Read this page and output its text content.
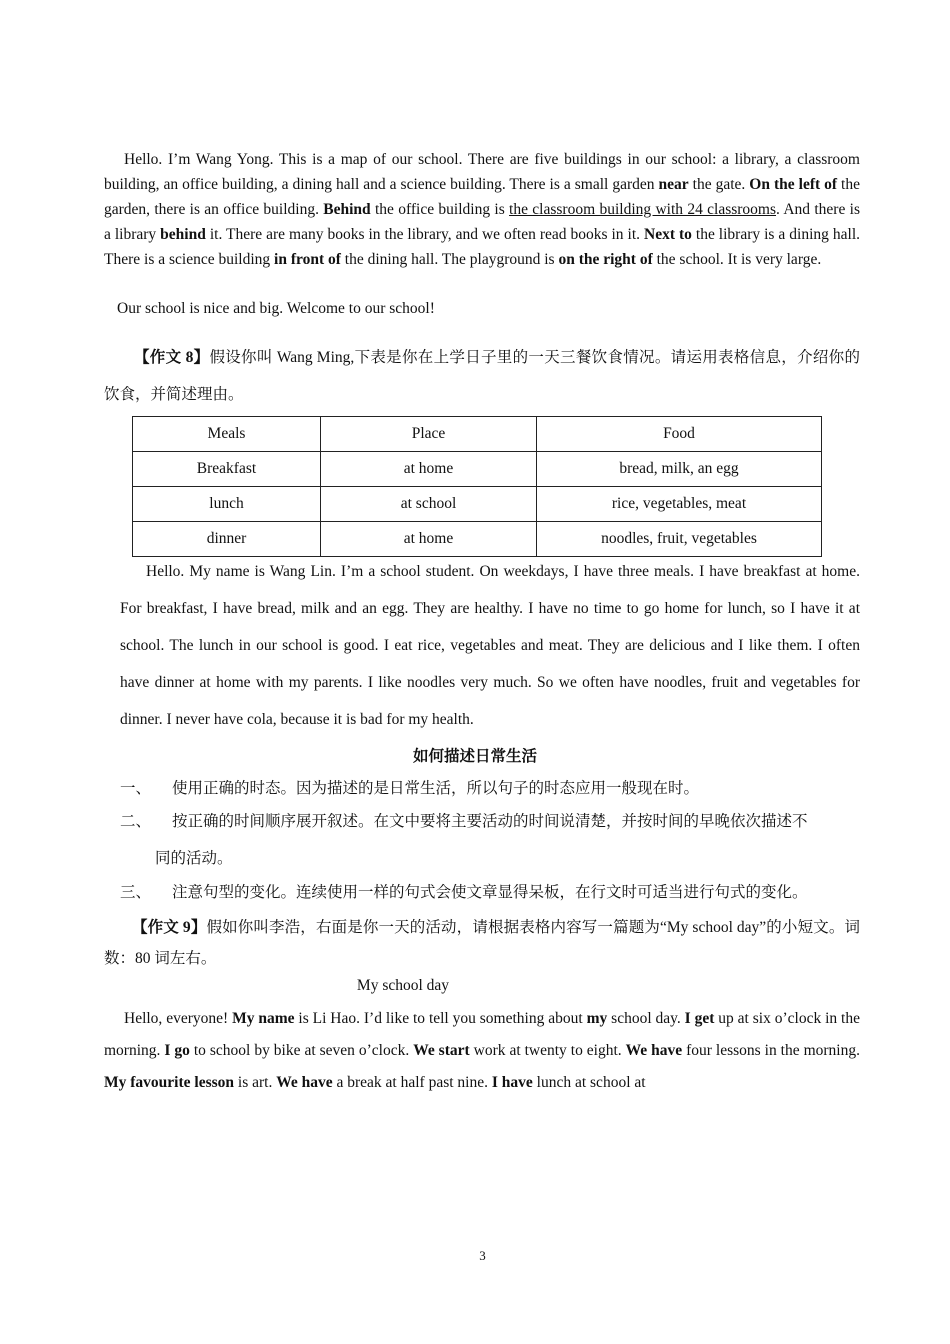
Hello. I’m Wang Yong. This is a map of our school. There are five buildings in our school: a library, a classroom building, an office building, a dining hall and a science building. There is a small garden near the gate. On the left of the garden, there is an office building. Behind the office building is the classroom building with 24 classrooms. And there is a library behind it. There are many books in the library, and we often read books in it. Next to the library is a dining hall. There is a science building in front of the dining hall. The playground is on the right of the school. It is very large.

Our school is nice and big. Welcome to our school!

【作文 8】假设你叫 Wang Ming,下表是你在上学日子里的一天三餐饮食情况。请运用表格信息，介绍你的饮食，并简述理由。

Meals	Place	Food
Breakfast	at home	bread, milk, an egg
lunch	at school	rice, vegetables, meat
dinner	at home	noodles, fruit, vegetables

Hello. My name is Wang Lin. I’m a school student. On weekdays, I have three meals. I have breakfast at home. For breakfast, I have bread, milk and an egg. They are healthy. I have no time to go home for lunch, so I have it at school. The lunch in our school is good. I eat rice, vegetables and meat. They are delicious and I like them. I often have dinner at home with my parents. I like noodles very much. So we often have noodles, fruit and vegetables for dinner. I never have cola, because it is bad for my health.

如何描述日常生活
一、 使用正确的时态。因为描述的是日常生活，所以句子的时态应用一般现在时。
二、 按正确的时间顺序展开叙述。在文中要将主要活动的时间说清楚，并按时间的早晚依次描述不
同的活动。
三、 注意句型的变化。连续使用一样的句式会使文章显得呆板，在行文时可适当进行句式的变化。

【作文 9】假如你叫李浩，右面是你一天的活动，请根据表格内容写一篇题为“My school day”的小短文。词数：80 词左右。

My school day

Hello, everyone! My name is Li Hao. I’d like to tell you something about my school day. I get up at six o’clock in the morning. I go to school by bike at seven o’clock. We start work at twenty to eight. We have four lessons in the morning. My favourite lesson is art. We have a break at half past nine. I have lunch at school at

3
